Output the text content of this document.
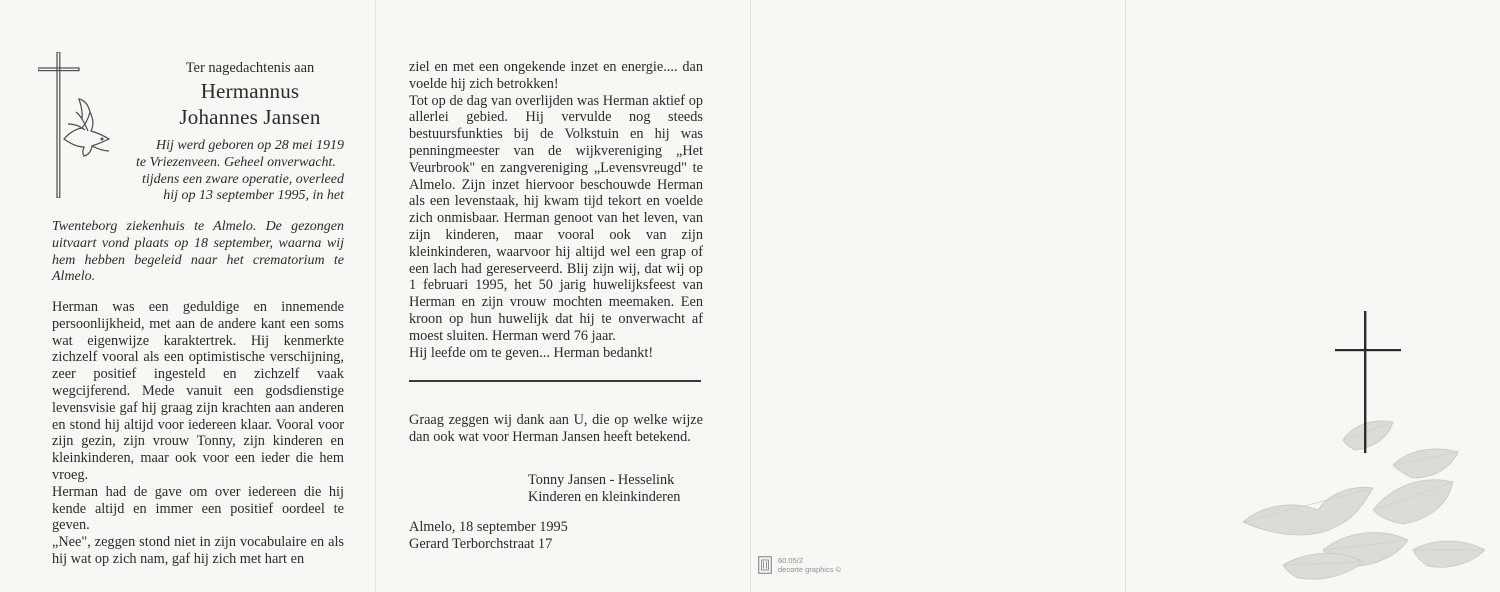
Ter nagedachtenis aan
Hermannus
Johannes Jansen
Hij werd geboren op 28 mei 1919
te Vriezenveen. Geheel onverwacht.
tijdens een zware operatie, overleed
hij op 13 september 1995, in het

Twenteborg ziekenhuis te Almelo. De gezongen uitvaart vond plaats op 18 september, waarna wij hem hebben begeleid naar het crematorium te Almelo.

Herman was een geduldige en innemende persoonlijkheid, met aan de andere kant een soms wat eigenwijze karaktertrek. Hij kenmerkte zichzelf vooral als een optimistische verschijning, zeer positief ingesteld en zichzelf vaak wegcijferend. Mede vanuit een godsdienstige levensvisie gaf hij graag zijn krachten aan anderen en stond hij altijd voor iedereen klaar. Vooral voor zijn gezin, zijn vrouw Tonny, zijn kinderen en kleinkinderen, maar ook voor een ieder die hem vroeg.

Herman had de gave om over iedereen die hij kende altijd en immer een positief oordeel te geven.

„Nee", zeggen stond niet in zijn vocabulaire en als hij wat op zich nam, gaf hij zich met hart en

ziel en met een ongekende inzet en energie.... dan voelde hij zich betrokken!

Tot op de dag van overlijden was Herman aktief op allerlei gebied. Hij vervulde nog steeds bestuursfunkties bij de Volkstuin en hij was penningmeester van de wijkvereniging „Het Veurbrook" en zangvereniging „Levensvreugd" te Almelo. Zijn inzet hiervoor beschouwde Herman als een levenstaak, hij kwam tijd tekort en voelde zich onmisbaar. Herman genoot van het leven, van zijn kinderen, maar vooral ook van zijn kleinkinderen, waarvoor hij altijd wel een grap of een lach had gereserveerd. Blij zijn wij, dat wij op 1 februari 1995, het 50 jarig huwelijksfeest van Herman en zijn vrouw mochten meemaken. Een kroon op hun huwelijk dat hij te onverwacht af moest sluiten. Herman werd 76 jaar.

Hij leefde om te geven... Herman bedankt!

Graag zeggen wij dank aan U, die op welke wijze dan ook wat voor Herman Jansen heeft betekend.

Tonny Jansen - Hesselink
Kinderen en kleinkinderen
Almelo, 18 september 1995
Gerard Terborchstraat 17
60.05/2
decorte graphics ©
